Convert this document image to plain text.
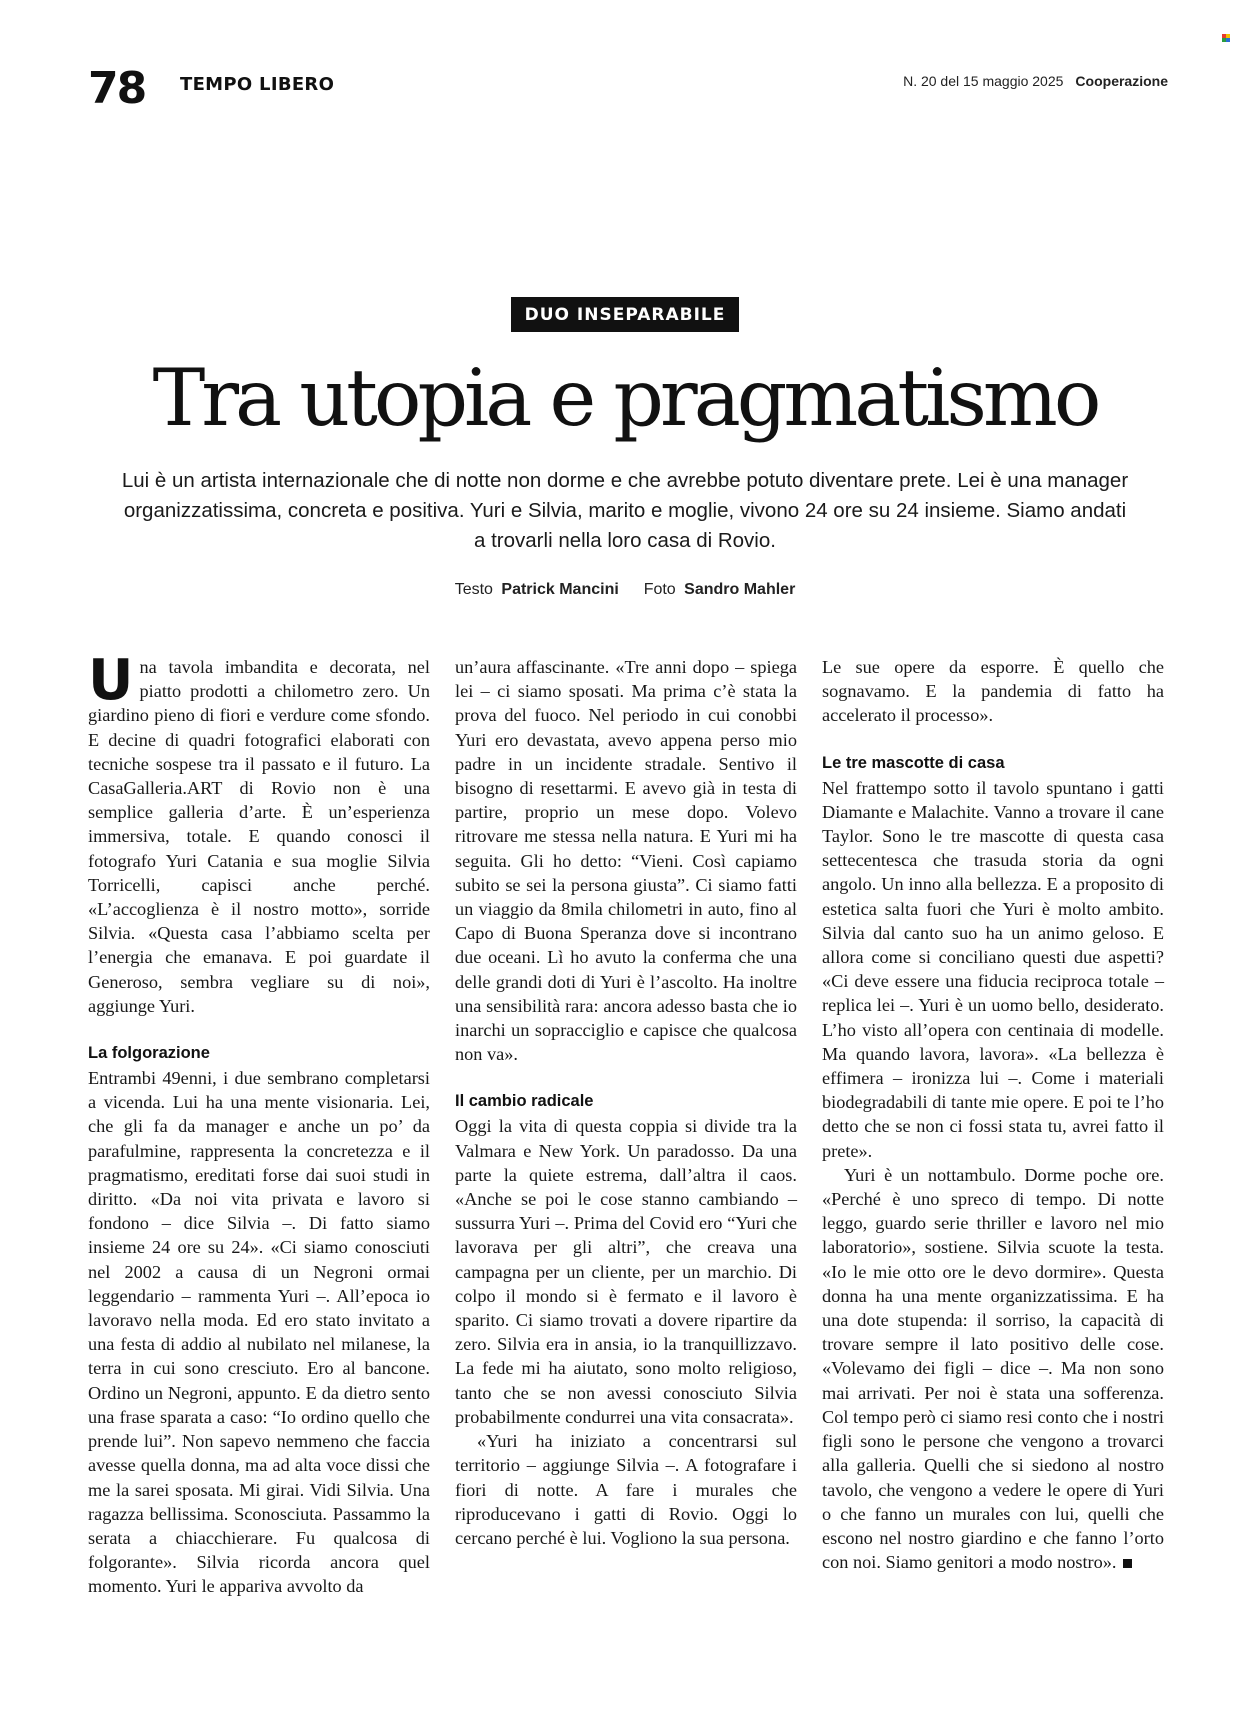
78 TEMPO LIBERO	N. 20 del 15 maggio 2025 Cooperazione
DUO INSEPARABILE
Tra utopia e pragmatismo

Lui è un artista internazionale che di notte non dorme e che avrebbe potuto diventare prete. Lei è una manager organizzatissima, concreta e positiva. Yuri e Silvia, marito e moglie, vivono 24 ore su 24 insieme. Siamo andati a trovarli nella loro casa di Rovio.

Testo Patrick Mancini Foto Sandro Mahler

Una tavola imbandita e decorata, nel piatto prodotti a chilometro zero. Un giardino pieno di fiori e verdure come sfondo. E decine di quadri fotografici elaborati con tecniche sospese tra il passato e il futuro. La CasaGalleria.ART di Rovio non è una semplice galleria d’arte. È un’esperienza immersiva, totale. E quando conosci il fotografo Yuri Catania e sua moglie Silvia Torricelli, capisci anche perché. «L’accoglienza è il nostro motto», sorride Silvia. «Questa casa l’abbiamo scelta per l’energia che emanava. E poi guardate il Generoso, sembra vegliare su di noi», aggiunge Yuri.

La folgorazione

Entrambi 49enni, i due sembrano completarsi a vicenda. Lui ha una mente visionaria. Lei, che gli fa da manager e anche un po’ da parafulmine, rappresenta la concretezza e il pragmatismo, ereditati forse dai suoi studi in diritto. «Da noi vita privata e lavoro si fondono – dice Silvia –. Di fatto siamo insieme 24 ore su 24». «Ci siamo conosciuti nel 2002 a causa di un Negroni ormai leggendario – rammenta Yuri –. All’epoca io lavoravo nella moda. Ed ero stato invitato a una festa di addio al nubilato nel milanese, la terra in cui sono cresciuto. Ero al bancone. Ordino un Negroni, appunto. E da dietro sento una frase sparata a caso: “Io ordino quello che prende lui”. Non sapevo nemmeno che faccia avesse quella donna, ma ad alta voce dissi che me la sarei sposata. Mi girai. Vidi Silvia. Una ragazza bellissima. Sconosciuta. Passammo la serata a chiacchierare. Fu qualcosa di folgorante». Silvia ricorda ancora quel momento. Yuri le appariva avvolto da

un’aura affascinante. «Tre anni dopo – spiega lei – ci siamo sposati. Ma prima c’è stata la prova del fuoco. Nel periodo in cui conobbi Yuri ero devastata, avevo appena perso mio padre in un incidente stradale. Sentivo il bisogno di resettarmi. E avevo già in testa di partire, proprio un mese dopo. Volevo ritrovare me stessa nella natura. E Yuri mi ha seguita. Gli ho detto: “Vieni. Così capiamo subito se sei la persona giusta”. Ci siamo fatti un viaggio da 8mila chilometri in auto, fino al Capo di Buona Speranza dove si incontrano due oceani. Lì ho avuto la conferma che una delle grandi doti di Yuri è l’ascolto. Ha inoltre una sensibilità rara: ancora adesso basta che io inarchi un sopracciglio e capisce che qualcosa non va».

Il cambio radicale

Oggi la vita di questa coppia si divide tra la Valmara e New York. Un paradosso. Da una parte la quiete estrema, dall’altra il caos. «Anche se poi le cose stanno cambiando – sussurra Yuri –. Prima del Covid ero “Yuri che lavorava per gli altri”, che creava una campagna per un cliente, per un marchio. Di colpo il mondo si è fermato e il lavoro è sparito. Ci siamo trovati a dovere ripartire da zero. Silvia era in ansia, io la tranquillizzavo. La fede mi ha aiutato, sono molto religioso, tanto che se non avessi conosciuto Silvia probabilmente condurrei una vita consacrata».

«Yuri ha iniziato a concentrarsi sul territorio – aggiunge Silvia –. A fotografare i fiori di notte. A fare i murales che riproducevano i gatti di Rovio. Oggi lo cercano perché è lui. Vogliono la sua persona.

Le sue opere da esporre. È quello che sognavamo. E la pandemia di fatto ha accelerato il processo».

Le tre mascotte di casa

Nel frattempo sotto il tavolo spuntano i gatti Diamante e Malachite. Vanno a trovare il cane Taylor. Sono le tre mascotte di questa casa settecentesca che trasuda storia da ogni angolo. Un inno alla bellezza. E a proposito di estetica salta fuori che Yuri è molto ambito. Silvia dal canto suo ha un animo geloso. E allora come si conciliano questi due aspetti? «Ci deve essere una fiducia reciproca totale – replica lei –. Yuri è un uomo bello, desiderato. L’ho visto all’opera con centinaia di modelle. Ma quando lavora, lavora». «La bellezza è effimera – ironizza lui –. Come i materiali biodegradabili di tante mie opere. E poi te l’ho detto che se non ci fossi stata tu, avrei fatto il prete».

Yuri è un nottambulo. Dorme poche ore. «Perché è uno spreco di tempo. Di notte leggo, guardo serie thriller e lavoro nel mio laboratorio», sostiene. Silvia scuote la testa. «Io le mie otto ore le devo dormire». Questa donna ha una mente organizzatissima. E ha una dote stupenda: il sorriso, la capacità di trovare sempre il lato positivo delle cose. «Volevamo dei figli – dice –. Ma non sono mai arrivati. Per noi è stata una sofferenza. Col tempo però ci siamo resi conto che i nostri figli sono le persone che vengono a trovarci alla galleria. Quelli che si siedono al nostro tavolo, che vengono a vedere le opere di Yuri o che fanno un murales con lui, quelli che escono nel nostro giardino e che fanno l’orto con noi. Siamo genitori a modo nostro».
